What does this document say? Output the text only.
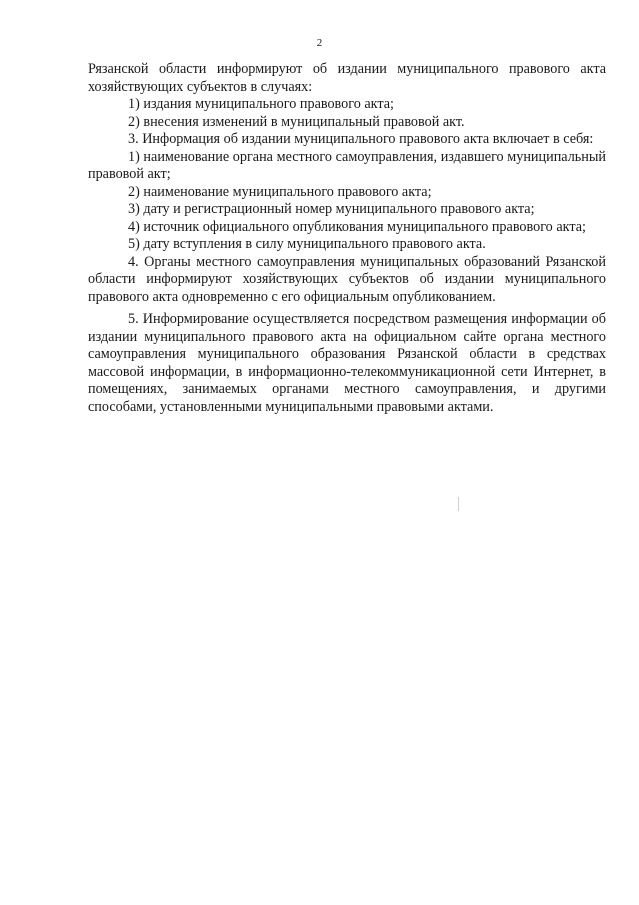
2

Рязанской области информируют об издании муниципального правового акта хозяйствующих субъектов в случаях:

1) издания муниципального правового акта;

2) внесения изменений в муниципальный правовой акт.

3. Информация об издании муниципального правового акта включает в себя:

1) наименование органа местного самоуправления, издавшего муниципальный правовой акт;

2) наименование муниципального правового акта;

3) дату и регистрационный номер муниципального правового акта;

4) источник официального опубликования муниципального правового акта;

5) дату вступления в силу муниципального правового акта.

4. Органы местного самоуправления муниципальных образований Рязанской области информируют хозяйствующих субъектов об издании муниципального правового акта одновременно с его официальным опубликованием.

5. Информирование осуществляется посредством размещения информации об издании муниципального правового акта на официальном сайте органа местного самоуправления муниципального образования Рязанской области в средствах массовой информации, в информационно-телекоммуникационной сети Интернет, в помещениях, занимаемых органами местного самоуправления, и другими способами, установленными муниципальными правовыми актами.
